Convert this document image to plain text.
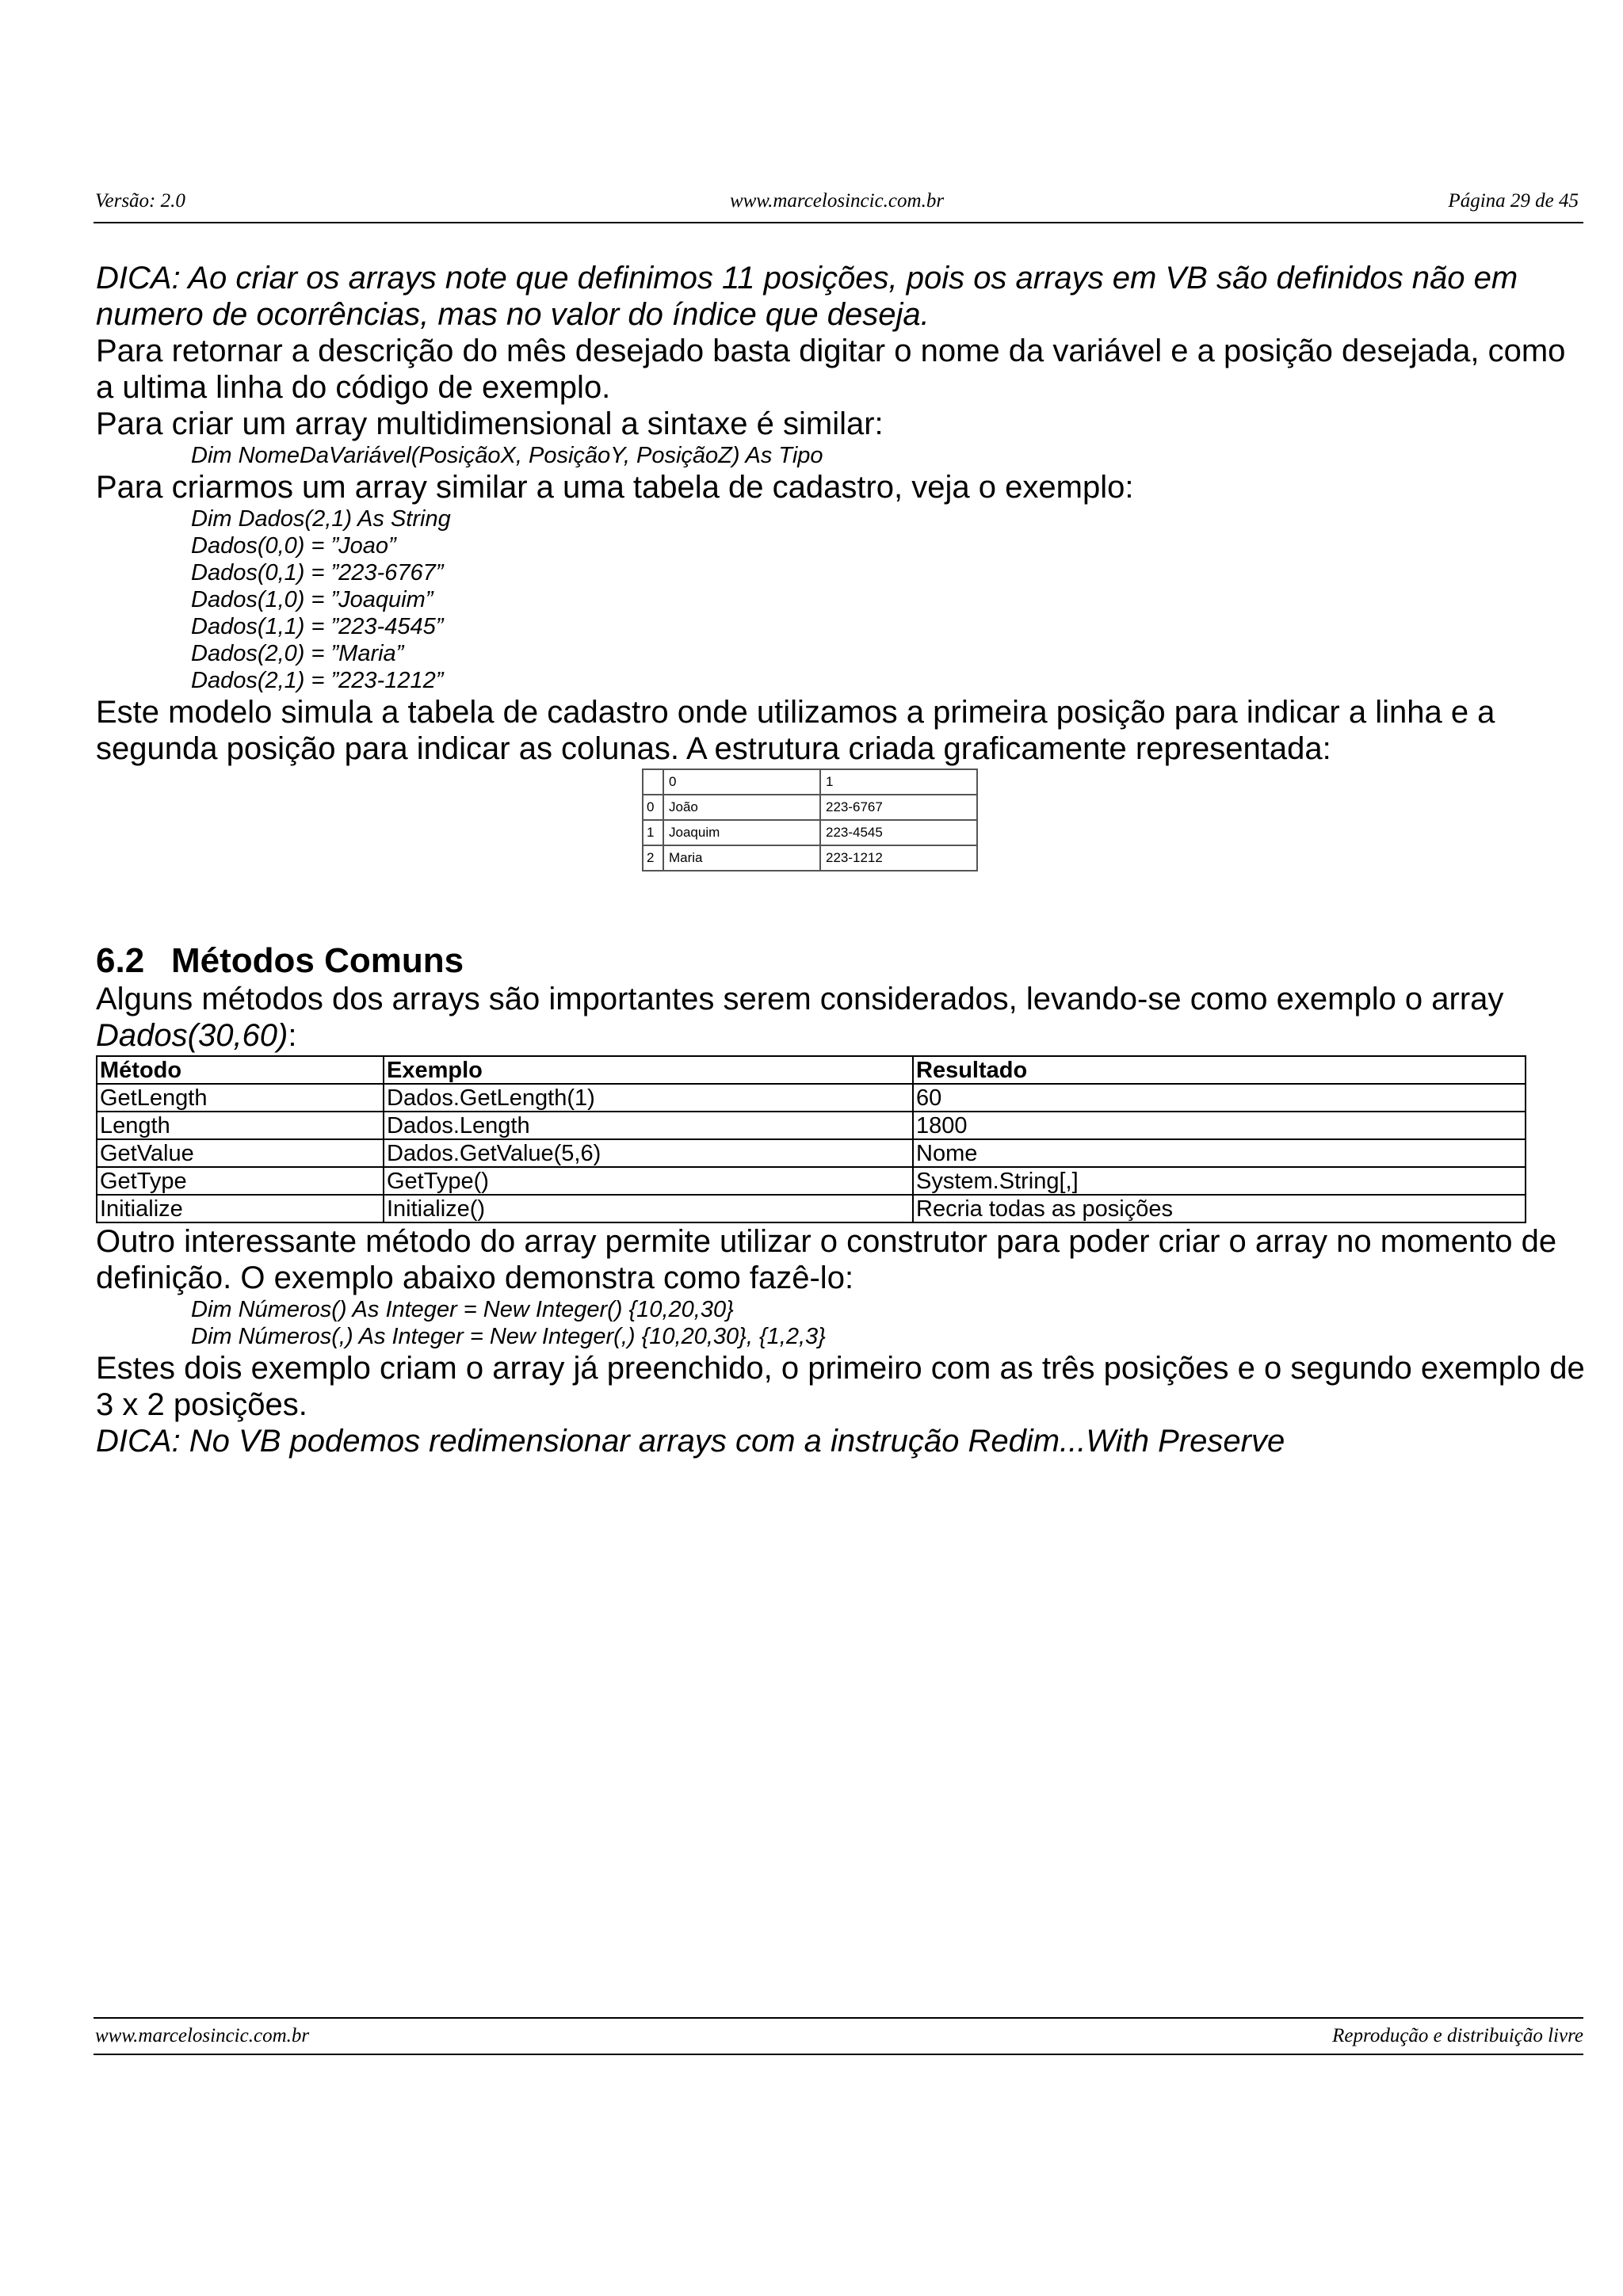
Versão: 2.0	www.marcelosincic.com.br	Página 29 de 45
DICA: Ao criar os arrays note que definimos 11 posições, pois os arrays em VB são definidos não em numero de ocorrências, mas no valor do índice que deseja.
Para retornar a descrição do mês desejado basta digitar o nome da variável e a posição desejada, como a ultima linha do código de exemplo.
Para criar um array multidimensional a sintaxe é similar:
Dim NomeDaVariável(PosiçãoX, PosiçãoY, PosiçãoZ) As Tipo
Para criarmos um array similar a uma tabela de cadastro, veja o exemplo:
Dim Dados(2,1) As String
Dados(0,0) = ”Joao”
Dados(0,1) = ”223-6767”
Dados(1,0) = ”Joaquim”
Dados(1,1) = ”223-4545”
Dados(2,0) = ”Maria”
Dados(2,1) = ”223-1212”
Este modelo simula a tabela de cadastro onde utilizamos a primeira posição para indicar a linha e a segunda posição para indicar as colunas. A estrutura criada graficamente representada:
	0	1
0	João	223-6767
1	Joaquim	223-4545
2	Maria	223-1212
6.2 Métodos Comuns
Alguns métodos dos arrays são importantes serem considerados, levando-se como exemplo o array Dados(30,60):
Método	Exemplo	Resultado
GetLength	Dados.GetLength(1)	60
Length	Dados.Length	1800
GetValue	Dados.GetValue(5,6)	Nome
GetType	GetType()	System.String[,]
Initialize	Initialize()	Recria todas as posições
Outro interessante método do array permite utilizar o construtor para poder criar o array no momento de definição. O exemplo abaixo demonstra como fazê-lo:
Dim Números() As Integer = New Integer() {10,20,30}
Dim Números(,) As Integer = New Integer(,) {10,20,30}, {1,2,3}
Estes dois exemplo criam o array já preenchido, o primeiro com as três posições e o segundo exemplo de 3 x 2 posições.
DICA: No VB podemos redimensionar arrays com a instrução Redim...With Preserve
www.marcelosincic.com.br	Reprodução e distribuição livre
